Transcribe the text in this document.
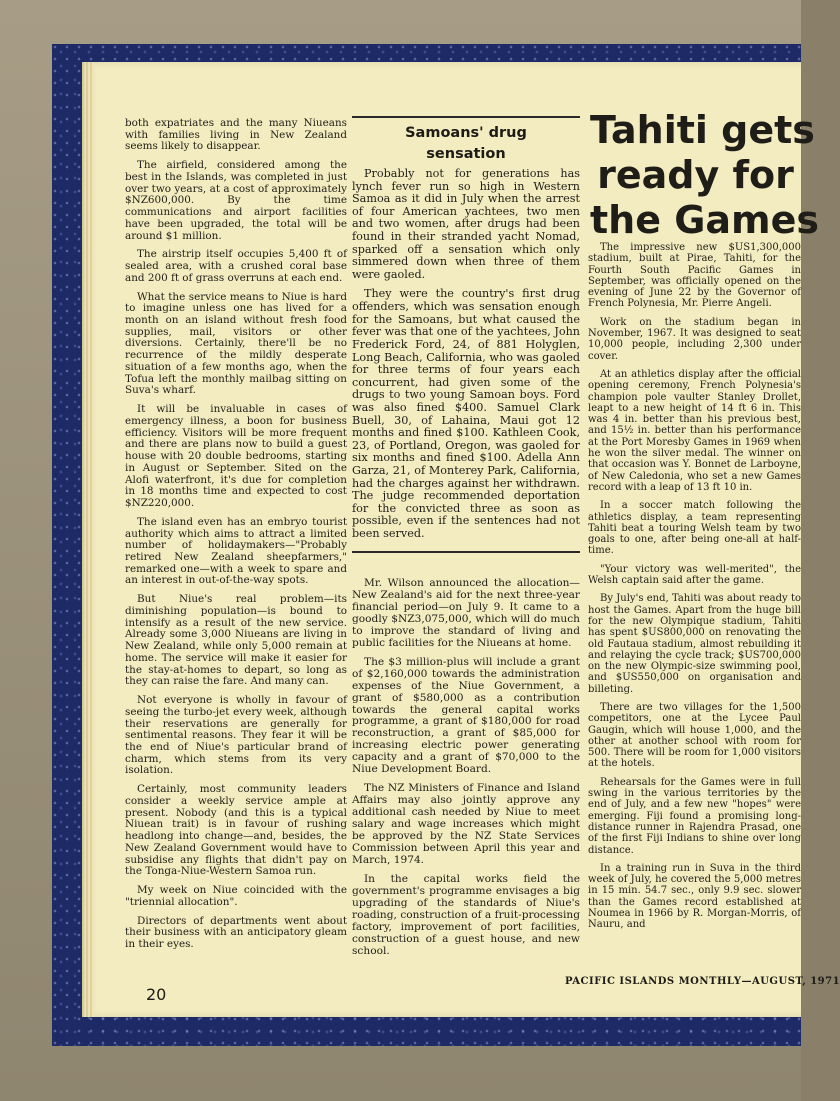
both expatriates and the many Niueans with families living in New Zealand seems likely to disappear.

The airfield, considered among the best in the Islands, was completed in just over two years, at a cost of approximately $NZ600,000. By the time communications and airport facilities have been upgraded, the total will be around $1 million.

The airstrip itself occupies 5,400 ft of sealed area, with a crushed coral base and 200 ft of grass overruns at each end.

What the service means to Niue is hard to imagine unless one has lived for a month on an island without fresh food supplies, mail, visitors or other diversions. Certainly, there'll be no recurrence of the mildly desperate situation of a few months ago, when the Tofua left the monthly mailbag sitting on Suva's wharf.

It will be invaluable in cases of emergency illness, a boon for business efficiency. Visitors will be more frequent and there are plans now to build a guest house with 20 double bedrooms, starting in August or September. Sited on the Alofi waterfront, it's due for completion in 18 months time and expected to cost $NZ220,000.

The island even has an embryo tourist authority which aims to attract a limited number of holidaymakers—"Probably retired New Zealand sheepfarmers," remarked one—with a week to spare and an interest in out-of-the-way spots.

But Niue's real problem—its diminishing population—is bound to intensify as a result of the new service. Already some 3,000 Niueans are living in New Zealand, while only 5,000 remain at home. The service will make it easier for the stay-at-homes to depart, so long as they can raise the fare. And many can.

Not everyone is wholly in favour of seeing the turbo-jet every week, although their reservations are generally for sentimental reasons. They fear it will be the end of Niue's particular brand of charm, which stems from its very isolation.

Certainly, most community leaders consider a weekly service ample at present. Nobody (and this is a typical Niuean trait) is in favour of rushing headlong into change—and, besides, the New Zealand Government would have to subsidise any flights that didn't pay on the Tonga-Niue-Western Samoa run.

My week on Niue coincided with the "triennial allocation".

Directors of departments went about their business with an anticipatory gleam in their eyes.

Samoans' drug
sensation

Probably not for generations has lynch fever run so high in Western Samoa as it did in July when the arrest of four American yachtees, two men and two women, after drugs had been found in their stranded yacht Nomad, sparked off a sensation which only simmered down when three of them were gaoled.

They were the country's first drug offenders, which was sensation enough for the Samoans, but what caused the fever was that one of the yachtees, John Frederick Ford, 24, of 881 Holyglen, Long Beach, California, who was gaoled for three terms of four years each concurrent, had given some of the drugs to two young Samoan boys. Ford was also fined $400. Samuel Clark Buell, 30, of Lahaina, Maui got 12 months and fined $100. Kathleen Cook, 23, of Portland, Oregon, was gaoled for six months and fined $100. Adella Ann Garza, 21, of Monterey Park, California, had the charges against her withdrawn. The judge recommended deportation for the convicted three as soon as possible, even if the sentences had not been served.

Mr. Wilson announced the allocation—New Zealand's aid for the next three-year financial period—on July 9. It came to a goodly $NZ3,075,000, which will do much to improve the standard of living and public facilities for the Niueans at home.

The $3 million-plus will include a grant of $2,160,000 towards the administration expenses of the Niue Government, a grant of $580,000 as a contribution towards the general capital works programme, a grant of $180,000 for road reconstruction, a grant of $85,000 for increasing electric power generating capacity and a grant of $70,000 to the Niue Development Board.

The NZ Ministers of Finance and Island Affairs may also jointly approve any additional cash needed by Niue to meet salary and wage increases which might be approved by the NZ State Services Commission between April this year and March, 1974.

In the capital works field the government's programme envisages a big upgrading of the standards of Niue's roading, construction of a fruit-processing factory, improvement of port facilities, construction of a guest house, and new school.

Tahiti gets
ready for
the Games

The impressive new $US1,300,000 stadium, built at Pirae, Tahiti, for the Fourth South Pacific Games in September, was officially opened on the evening of June 22 by the Governor of French Polynesia, Mr. Pierre Angeli.

Work on the stadium began in November, 1967. It was designed to seat 10,000 people, including 2,300 under cover.

At an athletics display after the official opening ceremony, French Polynesia's champion pole vaulter Stanley Drollet, leapt to a new height of 14 ft 6 in. This was 4 in. better than his previous best, and 15½ in. better than his performance at the Port Moresby Games in 1969 when he won the silver medal. The winner on that occasion was Y. Bonnet de Larboyne, of New Caledonia, who set a new Games record with a leap of 13 ft 10 in.

In a soccer match following the athletics display, a team representing Tahiti beat a touring Welsh team by two goals to one, after being one-all at half-time.

"Your victory was well-merited", the Welsh captain said after the game.

By July's end, Tahiti was about ready to host the Games. Apart from the huge bill for the new Olympique stadium, Tahiti has spent $US800,000 on renovating the old Fautaua stadium, almost rebuilding it and relaying the cycle track; $US700,000 on the new Olympic-size swimming pool, and $US550,000 on organisation and billeting.

There are two villages for the 1,500 competitors, one at the Lycee Paul Gaugin, which will house 1,000, and the other at another school with room for 500. There will be room for 1,000 visitors at the hotels.

Rehearsals for the Games were in full swing in the various territories by the end of July, and a few new "hopes" were emerging. Fiji found a promising long-distance runner in Rajendra Prasad, one of the first Fiji Indians to shine over long distance.

In a training run in Suva in the third week of July, he covered the 5,000 metres in 15 min. 54.7 sec., only 9.9 sec. slower than the Games record established at Noumea in 1966 by R. Morgan-Morris, of Nauru, and

PACIFIC ISLANDS MONTHLY—AUGUST, 1971
20
